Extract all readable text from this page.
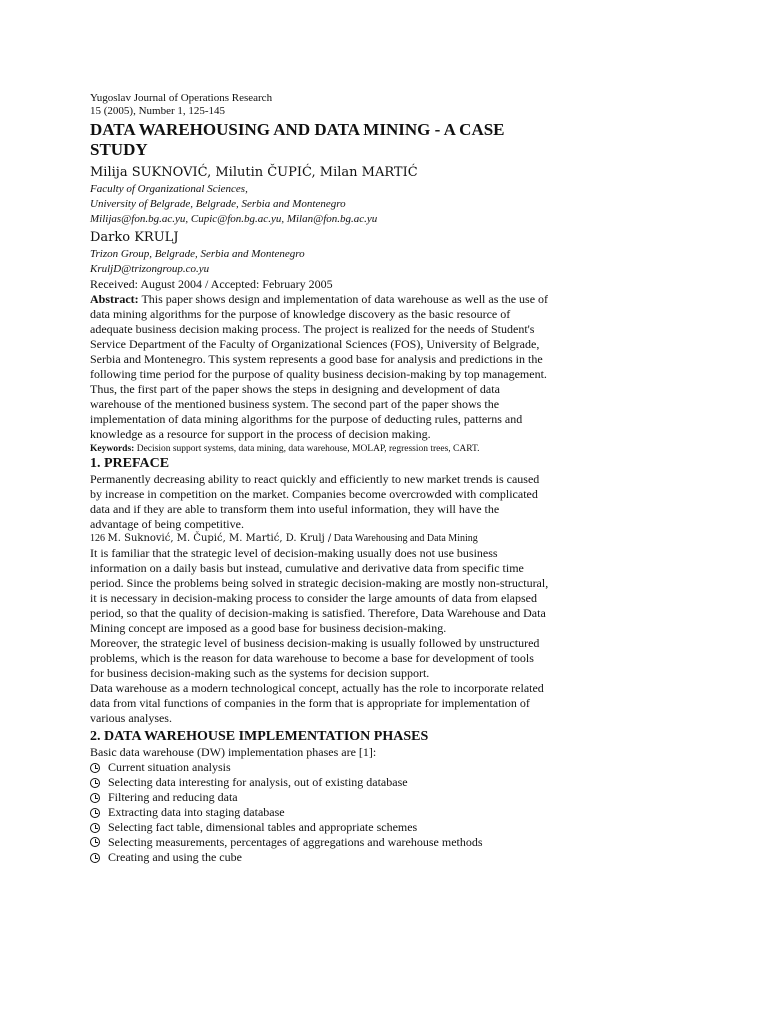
Yugoslav Journal of Operations Research
15 (2005), Number 1, 125-145
DATA WAREHOUSING AND DATA MINING - A CASE STUDY
Milija SUKNOVIĆ, Milutin ČUPIĆ, Milan MARTIĆ
Faculty of Organizational Sciences,
University of Belgrade, Belgrade, Serbia and Montenegro
Milijas@fon.bg.ac.yu, Cupic@fon.bg.ac.yu, Milan@fon.bg.ac.yu
Darko KRULJ
Trizon Group, Belgrade, Serbia and Montenegro
KruljD@trizongroup.co.yu
Received: August 2004 / Accepted: February 2005
Abstract: This paper shows design and implementation of data warehouse as well as the use of data mining algorithms for the purpose of knowledge discovery as the basic resource of adequate business decision making process. The project is realized for the needs of Student's Service Department of the Faculty of Organizational Sciences (FOS), University of Belgrade, Serbia and Montenegro. This system represents a good base for analysis and predictions in the following time period for the purpose of quality business decision-making by top management.
Thus, the first part of the paper shows the steps in designing and development of data warehouse of the mentioned business system. The second part of the paper shows the implementation of data mining algorithms for the purpose of deducting rules, patterns and knowledge as a resource for support in the process of decision making.
Keywords: Decision support systems, data mining, data warehouse, MOLAP, regression trees, CART.
1. PREFACE
Permanently decreasing ability to react quickly and efficiently to new market trends is caused by increase in competition on the market. Companies become overcrowded with complicated data and if they are able to transform them into useful information, they will have the advantage of being competitive.
126 M. Suknović, M. Čupić, M. Martić, D. Krulj / Data Warehousing and Data Mining
It is familiar that the strategic level of decision-making usually does not use business information on a daily basis but instead, cumulative and derivative data from specific time period. Since the problems being solved in strategic decision-making are mostly non-structural, it is necessary in decision-making process to consider the large amounts of data from elapsed period, so that the quality of decision-making is satisfied. Therefore, Data Warehouse and Data Mining concept are imposed as a good base for business decision-making.
Moreover, the strategic level of business decision-making is usually followed by unstructured problems, which is the reason for data warehouse to become a base for development of tools for business decision-making such as the systems for decision support.
Data warehouse as a modern technological concept, actually has the role to incorporate related data from vital functions of companies in the form that is appropriate for implementation of various analyses.
2. DATA WAREHOUSE IMPLEMENTATION PHASES
Basic data warehouse (DW) implementation phases are [1]:
Current situation analysis
Selecting data interesting for analysis, out of existing database
Filtering and reducing data
Extracting data into staging database
Selecting fact table, dimensional tables and appropriate schemes
Selecting measurements, percentages of aggregations and warehouse methods
Creating and using the cube
